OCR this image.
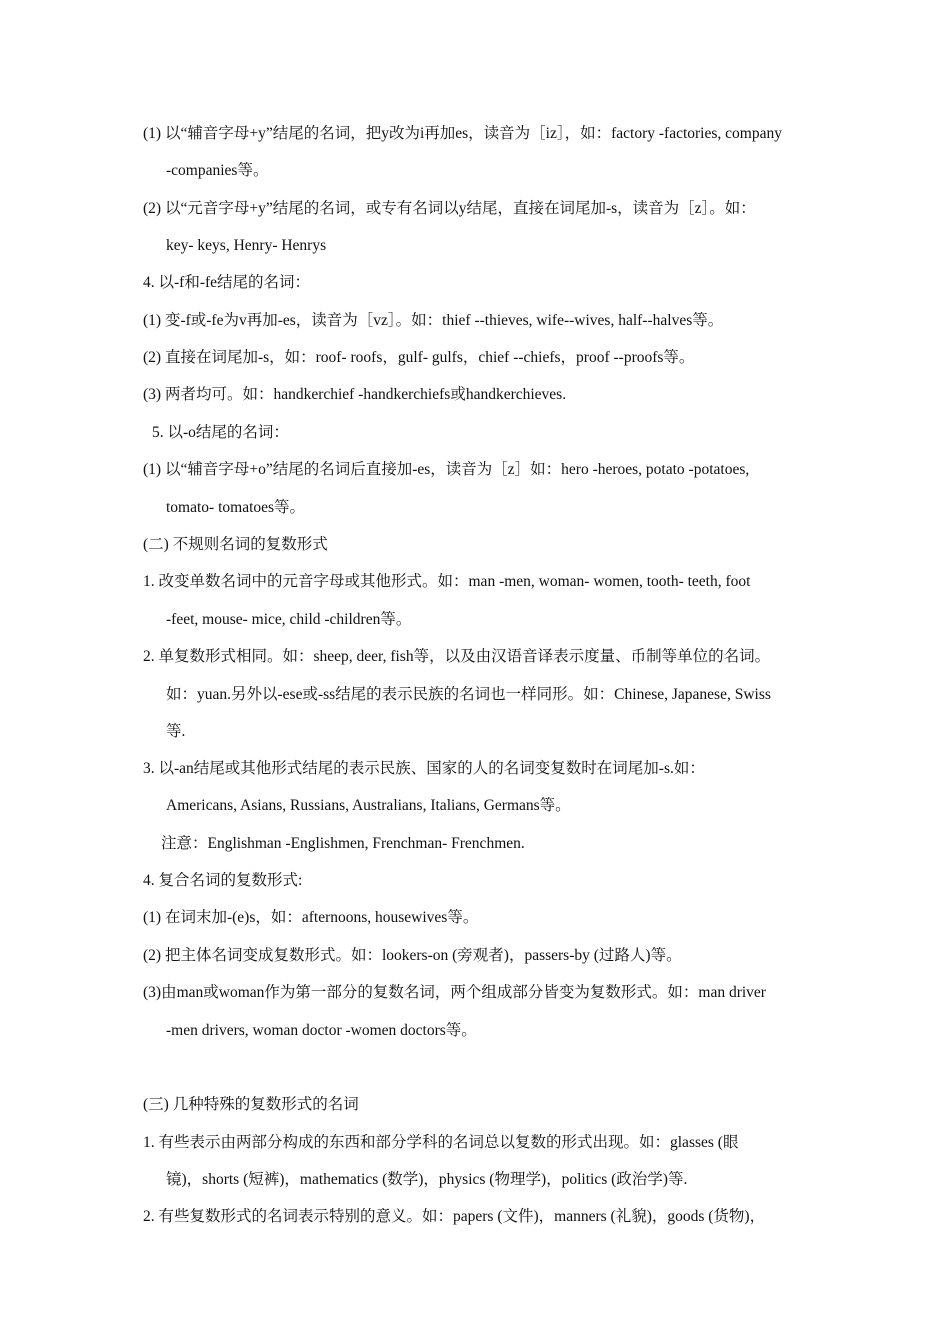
(1) 以“辅音字母+y”结尾的名词，把y改为i再加es，读音为［iz］，如：factory -factories, company
-companies等。
(2) 以“元音字母+y”结尾的名词，或专有名词以y结尾，直接在词尾加-s，读音为［z］。如：
key- keys, Henry- Henrys
4. 以-f和-fe结尾的名词：
(1) 变-f或-fe为v再加-es，读音为［vz］。如：thief --thieves, wife--wives, half--halves等。
(2) 直接在词尾加-s，如：roof- roofs，gulf- gulfs，chief --chiefs，proof --proofs等。
(3) 两者均可。如：handkerchief -handkerchiefs或handkerchieves.
5. 以-o结尾的名词：
(1) 以“辅音字母+o”结尾的名词后直接加-es，读音为［z］如：hero -heroes, potato -potatoes,
tomato- tomatoes等。
(二) 不规则名词的复数形式
1. 改变单数名词中的元音字母或其他形式。如：man -men, woman- women, tooth- teeth, foot
-feet, mouse- mice, child -children等。
2. 单复数形式相同。如：sheep, deer, fish等，以及由汉语音译表示度量、币制等单位的名词。
如：yuan.另外以-ese或-ss结尾的表示民族的名词也一样同形。如：Chinese, Japanese, Swiss
等.
3. 以-an结尾或其他形式结尾的表示民族、国家的人的名词变复数时在词尾加-s.如：
Americans, Asians, Russians, Australians, Italians, Germans等。
注意：Englishman -Englishmen, Frenchman- Frenchmen.
4. 复合名词的复数形式:
(1) 在词末加-(e)s，如：afternoons, housewives等。
(2) 把主体名词变成复数形式。如：lookers-on (旁观者)，passers-by (过路人)等。
(3)由man或woman作为第一部分的复数名词，两个组成部分皆变为复数形式。如：man driver
-men drivers, woman doctor -women doctors等。
(三) 几种特殊的复数形式的名词
1. 有些表示由两部分构成的东西和部分学科的名词总以复数的形式出现。如：glasses (眼
镜)，shorts (短裤)，mathematics (数学)，physics (物理学)，politics (政治学)等.
2. 有些复数形式的名词表示特别的意义。如：papers (文件)，manners (礼貌)，goods (货物)，
